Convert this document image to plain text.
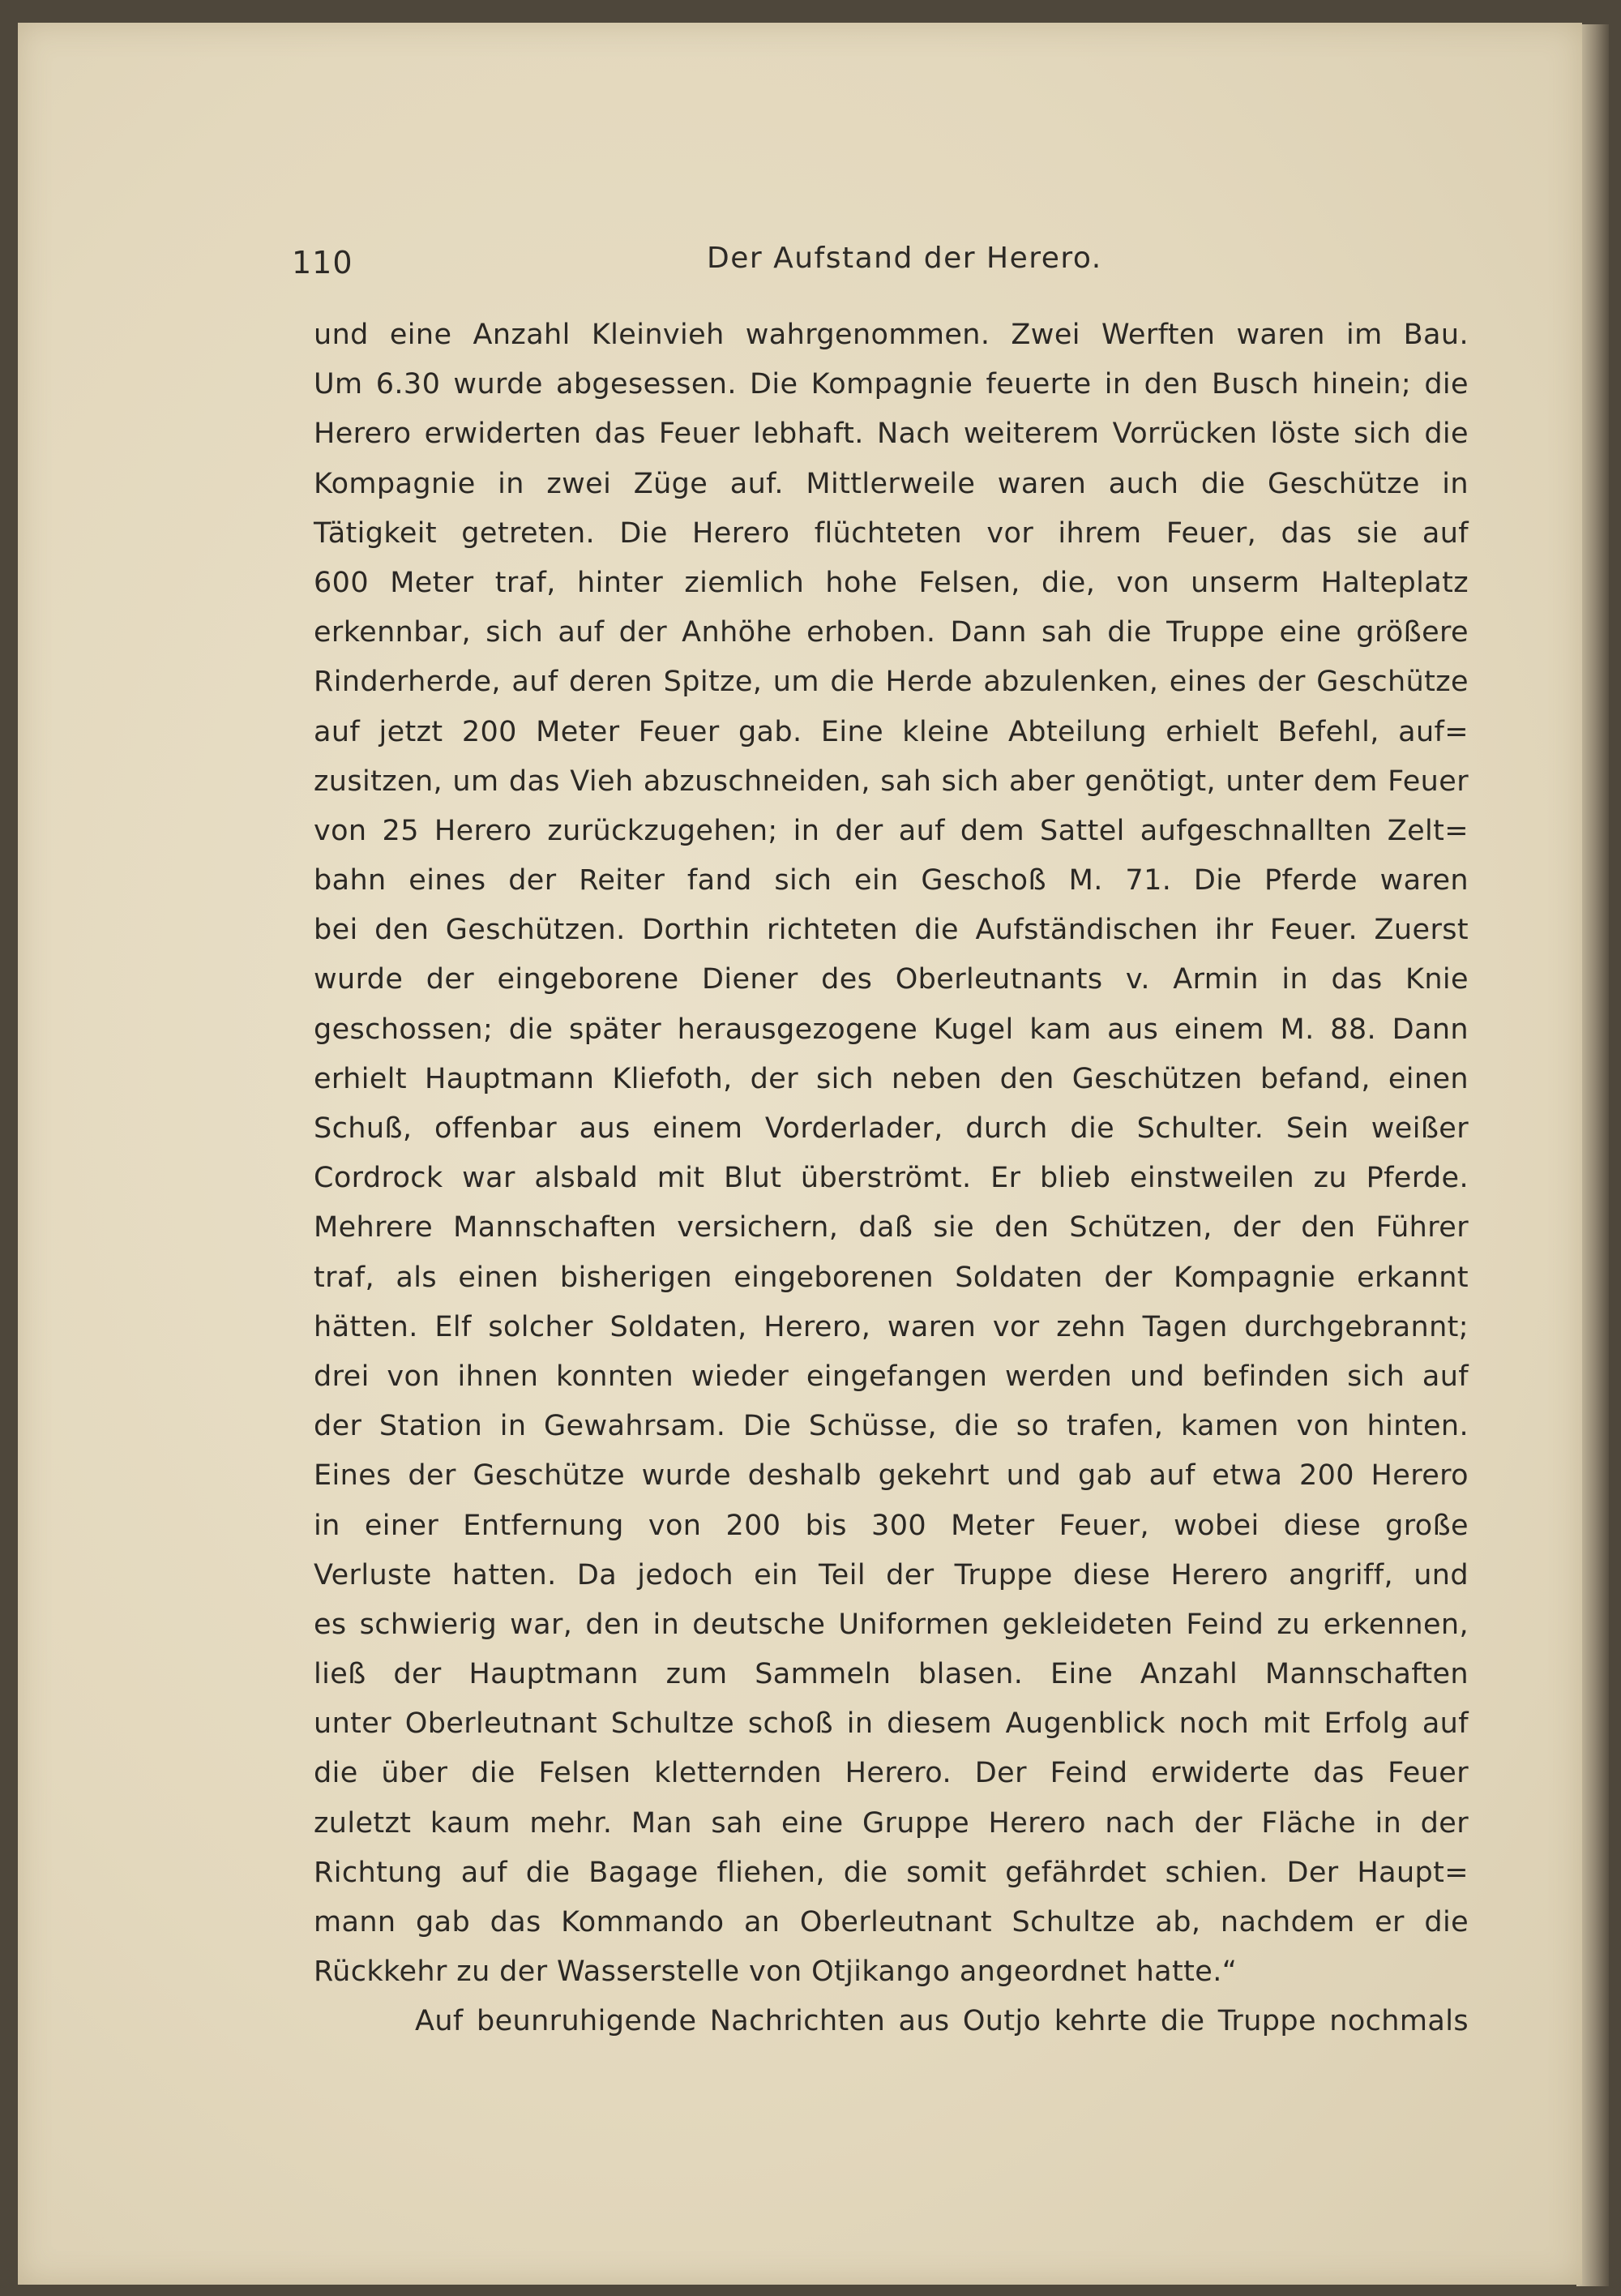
110	Der Aufstand der Herero.
und eine Anzahl Kleinvieh wahrgenommen. Zwei Werften waren im Bau.
Um 6.30 wurde abgesessen. Die Kompagnie feuerte in den Busch hinein; die
Herero erwiderten das Feuer lebhaft. Nach weiterem Vorrücken löste sich die
Kompagnie in zwei Züge auf. Mittlerweile waren auch die Geschütze in
Tätigkeit getreten. Die Herero flüchteten vor ihrem Feuer, das sie auf
600 Meter traf, hinter ziemlich hohe Felsen, die, von unserm Halteplatz
erkennbar, sich auf der Anhöhe erhoben. Dann sah die Truppe eine größere
Rinderherde, auf deren Spitze, um die Herde abzulenken, eines der Geschütze
auf jetzt 200 Meter Feuer gab. Eine kleine Abteilung erhielt Befehl, auf=
zusitzen, um das Vieh abzuschneiden, sah sich aber genötigt, unter dem Feuer
von 25 Herero zurückzugehen; in der auf dem Sattel aufgeschnallten Zelt=
bahn eines der Reiter fand sich ein Geschoß M. 71. Die Pferde waren
bei den Geschützen. Dorthin richteten die Aufständischen ihr Feuer. Zuerst
wurde der eingeborene Diener des Oberleutnants v. Armin in das Knie
geschossen; die später herausgezogene Kugel kam aus einem M. 88. Dann
erhielt Hauptmann Kliefoth, der sich neben den Geschützen befand, einen
Schuß, offenbar aus einem Vorderlader, durch die Schulter. Sein weißer
Cordrock war alsbald mit Blut überströmt. Er blieb einstweilen zu Pferde.
Mehrere Mannschaften versichern, daß sie den Schützen, der den Führer
traf, als einen bisherigen eingeborenen Soldaten der Kompagnie erkannt
hätten. Elf solcher Soldaten, Herero, waren vor zehn Tagen durchgebrannt;
drei von ihnen konnten wieder eingefangen werden und befinden sich auf
der Station in Gewahrsam. Die Schüsse, die so trafen, kamen von hinten.
Eines der Geschütze wurde deshalb gekehrt und gab auf etwa 200 Herero
in einer Entfernung von 200 bis 300 Meter Feuer, wobei diese große
Verluste hatten. Da jedoch ein Teil der Truppe diese Herero angriff, und
es schwierig war, den in deutsche Uniformen gekleideten Feind zu erkennen,
ließ der Hauptmann zum Sammeln blasen. Eine Anzahl Mannschaften
unter Oberleutnant Schultze schoß in diesem Augenblick noch mit Erfolg auf
die über die Felsen kletternden Herero. Der Feind erwiderte das Feuer
zuletzt kaum mehr. Man sah eine Gruppe Herero nach der Fläche in der
Richtung auf die Bagage fliehen, die somit gefährdet schien. Der Haupt=
mann gab das Kommando an Oberleutnant Schultze ab, nachdem er die
Rückkehr zu der Wasserstelle von Otjikango angeordnet hatte.“
Auf beunruhigende Nachrichten aus Outjo kehrte die Truppe nochmals
